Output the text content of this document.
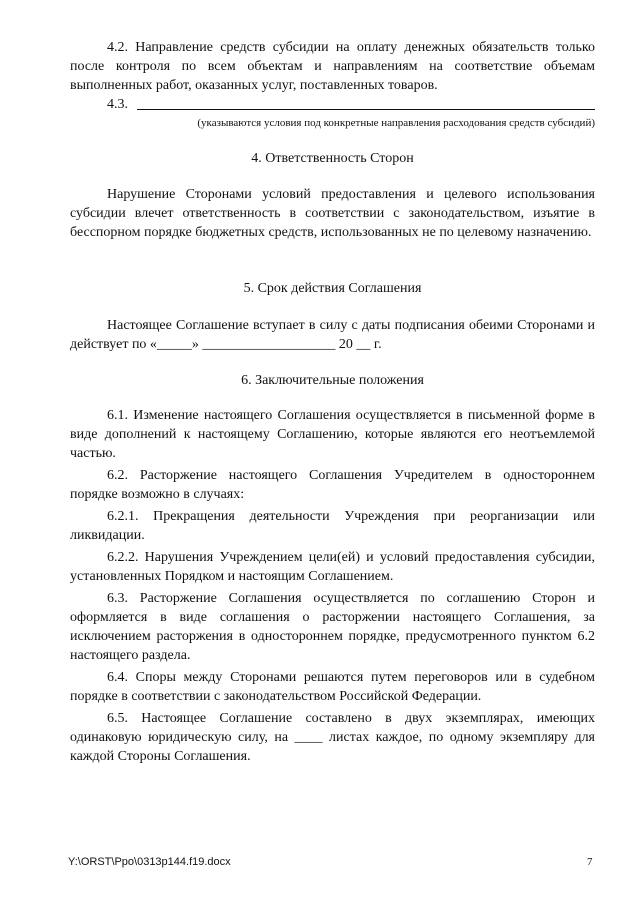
4.2. Направление средств субсидии на оплату денежных обязательств только после контроля по всем объектам и направлениям на соответствие объемам выполненных работ, оказанных услуг, поставленных товаров.

4.3.
(указываются условия под конкретные направления расходования средств субсидий)
4. Ответственность Сторон

Нарушение Сторонами условий предоставления и целевого использования субсидии влечет ответственность в соответствии с законодательством, изъятие в бесспорном порядке бюджетных средств, использованных не по целевому назначению.

5. Срок действия Соглашения

Настоящее Соглашение вступает в силу с даты подписания обеими Сторонами и действует по «_____» ___________________ 20 __ г.

6. Заключительные положения

6.1. Изменение настоящего Соглашения осуществляется в письменной форме в виде дополнений к настоящему Соглашению, которые являются его неотъемлемой частью.

6.2. Расторжение настоящего Соглашения Учредителем в одностороннем порядке возможно в случаях:

6.2.1. Прекращения деятельности Учреждения при реорганизации или ликвидации.

6.2.2. Нарушения Учреждением цели(ей) и условий предоставления субсидии, установленных Порядком и настоящим Соглашением.

6.3. Расторжение Соглашения осуществляется по соглашению Сторон и оформляется в виде соглашения о расторжении настоящего Соглашения, за исключением расторжения в одностороннем порядке, предусмотренного пунктом 6.2 настоящего раздела.

6.4. Споры между Сторонами решаются путем переговоров или в судебном порядке в соответствии с законодательством Российской Федерации.

6.5. Настоящее Соглашение составлено в двух экземплярах, имеющих одинаковую юридическую силу, на ____ листах каждое, по одному экземпляру для каждой Стороны Соглашения.

Y:\ORST\Ppo\0313p144.f19.docx	7
